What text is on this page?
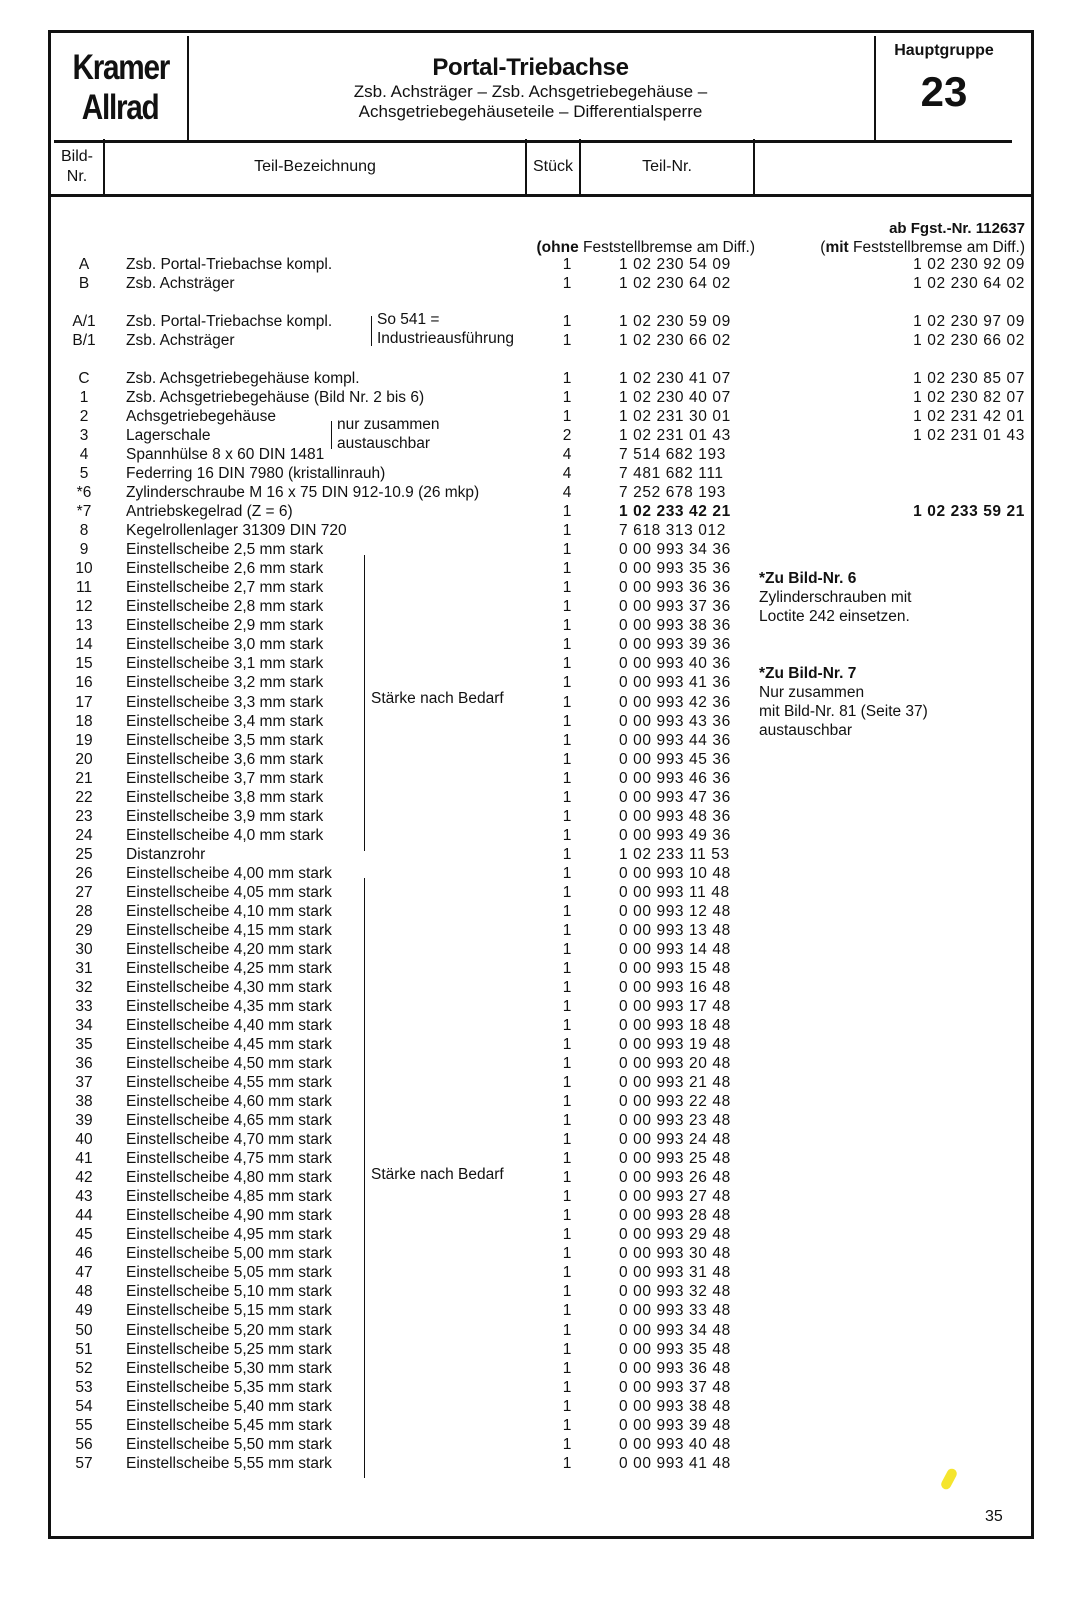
Kramer
Allrad
Portal-Triebachse
Zsb. Achsträger – Zsb. Achsgetriebegehäuse –
Achsgetriebegehäuseteile – Differentialsperre
Hauptgruppe
23
Bild-
Nr.
Teil-Bezeichnung	Stück	Teil-Nr.
ab Fgst.-Nr. 112637
(ohne Feststellbremse am Diff.)	(mit Feststellbremse am Diff.)
A	Zsb. Portal-Triebachse kompl.	1	1 02 230 54 09	1 02 230 92 09
B	Zsb. Achsträger	1	1 02 230 64 02	1 02 230 64 02
A/1	Zsb. Portal-Triebachse kompl.	1	1 02 230 59 09	1 02 230 97 09
B/1	Zsb. Achsträger	1	1 02 230 66 02	1 02 230 66 02
C	Zsb. Achsgetriebegehäuse kompl.	1	1 02 230 41 07	1 02 230 85 07
1	Zsb. Achsgetriebegehäuse (Bild Nr. 2 bis 6)	1	1 02 230 40 07	1 02 230 82 07
2	Achsgetriebegehäuse	1	1 02 231 30 01	1 02 231 42 01
3	Lagerschale	2	1 02 231 01 43	1 02 231 01 43
4	Spannhülse 8 x 60 DIN 1481	4	7 514 682 193
5	Federring 16 DIN 7980 (kristallinrauh)	4	7 481 682 111
*6	Zylinderschraube M 16 x 75 DIN 912-10.9 (26 mkp)	4	7 252 678 193
*7	Antriebskegelrad (Z = 6)	1	1 02 233 42 21	1 02 233 59 21
8	Kegelrollenlager 31309 DIN 720	1	7 618 313 012
9	Einstellscheibe 2,5 mm stark	1	0 00 993 34 36
10	Einstellscheibe 2,6 mm stark	1	0 00 993 35 36
11	Einstellscheibe 2,7 mm stark	1	0 00 993 36 36
12	Einstellscheibe 2,8 mm stark	1	0 00 993 37 36
13	Einstellscheibe 2,9 mm stark	1	0 00 993 38 36
14	Einstellscheibe 3,0 mm stark	1	0 00 993 39 36
15	Einstellscheibe 3,1 mm stark	1	0 00 993 40 36
16	Einstellscheibe 3,2 mm stark	1	0 00 993 41 36
17	Einstellscheibe 3,3 mm stark	1	0 00 993 42 36
18	Einstellscheibe 3,4 mm stark	1	0 00 993 43 36
19	Einstellscheibe 3,5 mm stark	1	0 00 993 44 36
20	Einstellscheibe 3,6 mm stark	1	0 00 993 45 36
21	Einstellscheibe 3,7 mm stark	1	0 00 993 46 36
22	Einstellscheibe 3,8 mm stark	1	0 00 993 47 36
23	Einstellscheibe 3,9 mm stark	1	0 00 993 48 36
24	Einstellscheibe 4,0 mm stark	1	0 00 993 49 36
25	Distanzrohr	1	1 02 233 11 53
26	Einstellscheibe 4,00 mm stark	1	0 00 993 10 48
27	Einstellscheibe 4,05 mm stark	1	0 00 993 11 48
28	Einstellscheibe 4,10 mm stark	1	0 00 993 12 48
29	Einstellscheibe 4,15 mm stark	1	0 00 993 13 48
30	Einstellscheibe 4,20 mm stark	1	0 00 993 14 48
31	Einstellscheibe 4,25 mm stark	1	0 00 993 15 48
32	Einstellscheibe 4,30 mm stark	1	0 00 993 16 48
33	Einstellscheibe 4,35 mm stark	1	0 00 993 17 48
34	Einstellscheibe 4,40 mm stark	1	0 00 993 18 48
35	Einstellscheibe 4,45 mm stark	1	0 00 993 19 48
36	Einstellscheibe 4,50 mm stark	1	0 00 993 20 48
37	Einstellscheibe 4,55 mm stark	1	0 00 993 21 48
38	Einstellscheibe 4,60 mm stark	1	0 00 993 22 48
39	Einstellscheibe 4,65 mm stark	1	0 00 993 23 48
40	Einstellscheibe 4,70 mm stark	1	0 00 993 24 48
41	Einstellscheibe 4,75 mm stark	1	0 00 993 25 48
42	Einstellscheibe 4,80 mm stark	1	0 00 993 26 48
43	Einstellscheibe 4,85 mm stark	1	0 00 993 27 48
44	Einstellscheibe 4,90 mm stark	1	0 00 993 28 48
45	Einstellscheibe 4,95 mm stark	1	0 00 993 29 48
46	Einstellscheibe 5,00 mm stark	1	0 00 993 30 48
47	Einstellscheibe 5,05 mm stark	1	0 00 993 31 48
48	Einstellscheibe 5,10 mm stark	1	0 00 993 32 48
49	Einstellscheibe 5,15 mm stark	1	0 00 993 33 48
50	Einstellscheibe 5,20 mm stark	1	0 00 993 34 48
51	Einstellscheibe 5,25 mm stark	1	0 00 993 35 48
52	Einstellscheibe 5,30 mm stark	1	0 00 993 36 48
53	Einstellscheibe 5,35 mm stark	1	0 00 993 37 48
54	Einstellscheibe 5,40 mm stark	1	0 00 993 38 48
55	Einstellscheibe 5,45 mm stark	1	0 00 993 39 48
56	Einstellscheibe 5,50 mm stark	1	0 00 993 40 48
57	Einstellscheibe 5,55 mm stark	1	0 00 993 41 48
So 541 =
Industrieausführung
nur zusammen
austauschbar
Stärke nach Bedarf
Stärke nach Bedarf
*Zu Bild-Nr. 6
Zylinderschrauben mit
Loctite 242 einsetzen.
*Zu Bild-Nr. 7
Nur zusammen
mit Bild-Nr. 81 (Seite 37)
austauschbar
35
